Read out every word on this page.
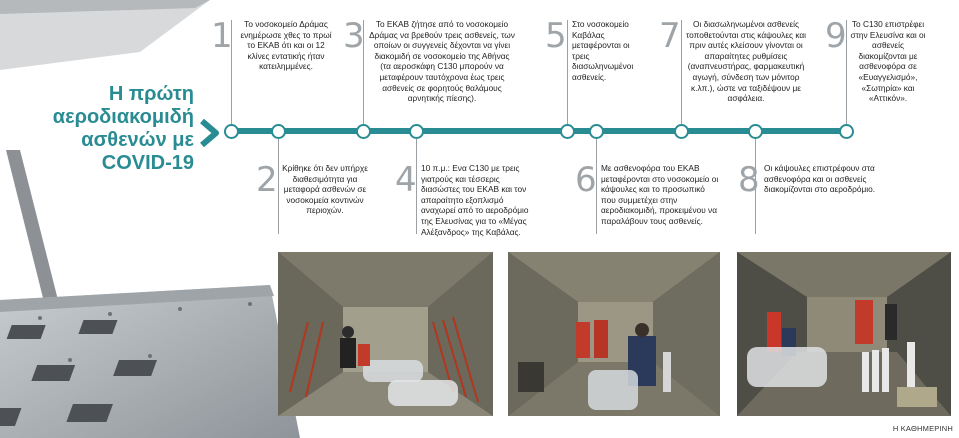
Η πρώτη αεροδιακομιδή ασθενών με COVID-19
1	Το νοσοκομείο Δράμας ενημέρωσε χθες το πρωί το ΕΚΑΒ ότι και οι 12 κλίνες εντατικής ήταν κατειλημμένες.
3	Το ΕΚΑΒ ζήτησε από το νοσοκομείο Δράμας να βρεθούν τρεις ασθενείς, των οποίων οι συγγενείς δέχονται να γίνει διακομιδή σε νοσοκομείο της Αθήνας (τα αεροσκάφη C130 μπορούν να μεταφέρουν ταυτόχρονα έως τρεις ασθενείς σε φορητούς θαλάμους αρνητικής πίεσης).
5 Στο νοσοκομείο Καβάλας μεταφέρονται οι τρεις διασωληνωμένοι ασθενείς.
7	Οι διασωληνωμένοι ασθενείς τοποθετούνται στις κάψουλες και πριν αυτές κλείσουν γίνονται οι απαραίτητες ρυθμίσεις (αναπνευστήρας, φαρμακευτική αγωγή, σύνδεση των μόνιτορ κ.λπ.), ώστε να ταξιδέψουν με ασφάλεια.
9 Το C130 επιστρέφει στην Ελευσίνα και οι ασθενείς διακομίζονται με ασθενοφόρα σε «Ευαγγελισμό», «Σωτηρία» και «Αττικόν».
2 Κρίθηκε ότι δεν υπήρχε διαθεσιμότητα για μεταφορά ασθενών σε νοσοκομεία κοντινών περιοχών.
4 10 π.μ.: Ενα C130 με τρεις γιατρούς και τέσσερις διασώστες του ΕΚΑΒ και τον απαραίτητο εξοπλισμό αναχωρεί από το αεροδρόμιο της Ελευσίνας για το «Μέγας Αλέξανδρος» της Καβάλας.
6 Με ασθενοφόρα του ΕΚΑΒ μεταφέρονται στο νοσοκομείο οι κάψουλες και το προσωπικό που συμμετέχει στην αεροδιακομιδή, προκειμένου να παραλάβουν τους ασθενείς.
8 Οι κάψουλες επιστρέφουν στα ασθενοφόρα και οι ασθενείς διακομίζονται στο αεροδρόμιο.
Η ΚΑΘΗΜΕΡΙΝΗ
